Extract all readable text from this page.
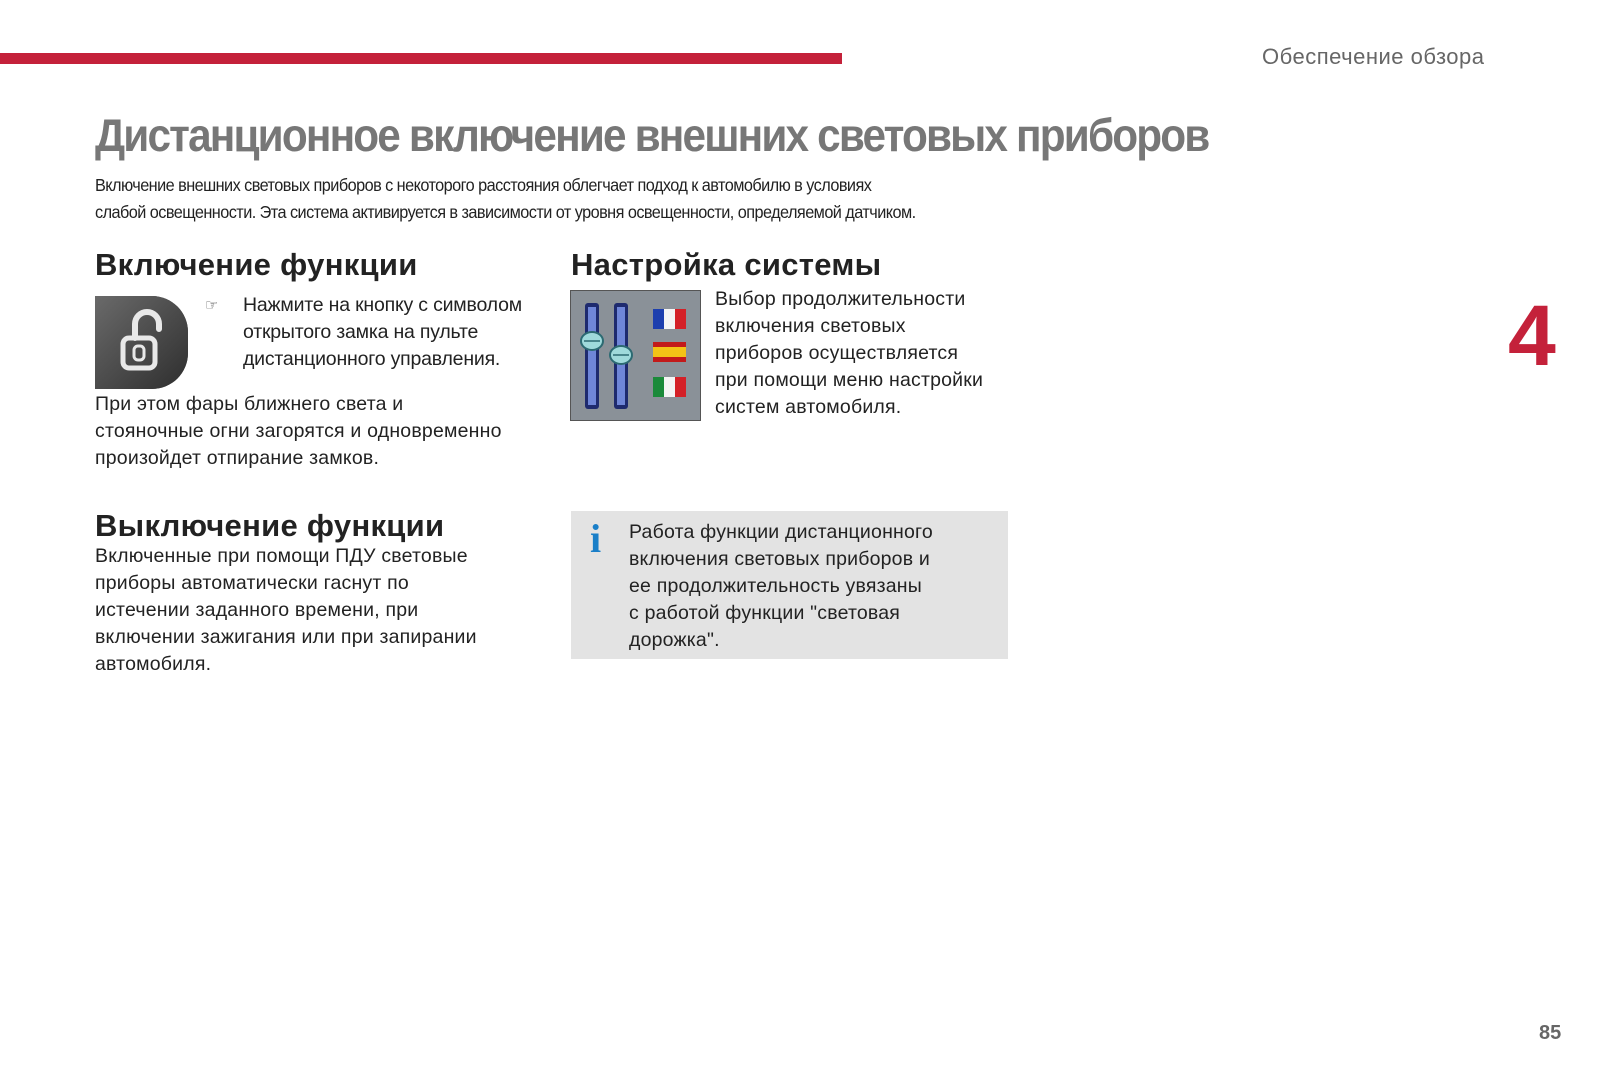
Обеспечение обзора
4
85
Дистанционное включение внешних световых приборов

Включение внешних световых приборов с некоторого расстояния облегчает подход к автомобилю в условиях

слабой освещенности. Эта система активируется в зависимости от уровня освещенности, определяемой датчиком.

Включение функции
☞ Нажмите на кнопку с символом

открытого замка на пульте

дистанционного управления.

При этом фары ближнего света и

стояночные огни загорятся и одновременно

произойдет отпирание замков.

Выключение функции

Включенные при помощи ПДУ световые

приборы автоматически гаснут по

истечении заданного времени, при

включении зажигания или при запирании

автомобиля.

Настройка системы

Выбор продолжительности

включения световых

приборов осуществляется

при помощи меню настройки

систем автомобиля.

i Работа функции дистанционного

включения световых приборов и

ее продолжительность увязаны

с работой функции "световая

дорожка".
